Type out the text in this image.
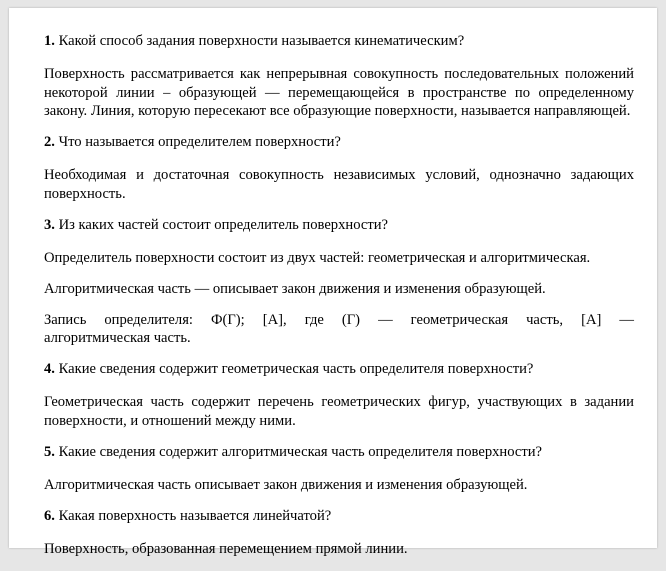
1. Какой способ задания поверхности называется кинематическим?
Поверхность рассматривается как непрерывная совокупность последовательных положений некоторой линии – образующей — перемещающейся в пространстве по определенному закону. Линия, которую пересекают все образующие поверхности, называется направляющей.
2. Что называется определителем поверхности?
Необходимая и достаточная совокупность независимых условий, однозначно задающих поверхность.
3. Из каких частей состоит определитель поверхности?
Определитель поверхности состоит из двух частей: геометрическая и алгоритмическая.
Алгоритмическая часть — описывает закон движения и изменения образующей.
Запись определителя: Ф(Г); [А], где (Г) — геометрическая часть, [А] —
алгоритмическая часть.
4. Какие сведения содержит геометрическая часть определителя поверхности?
Геометрическая часть содержит перечень геометрических фигур, участвующих в задании поверхности, и отношений между ними.
5. Какие сведения содержит алгоритмическая часть определителя поверхности?
Алгоритмическая часть описывает закон движения и изменения образующей.
6. Какая поверхность называется линейчатой?
Поверхность, образованная перемещением прямой линии.
